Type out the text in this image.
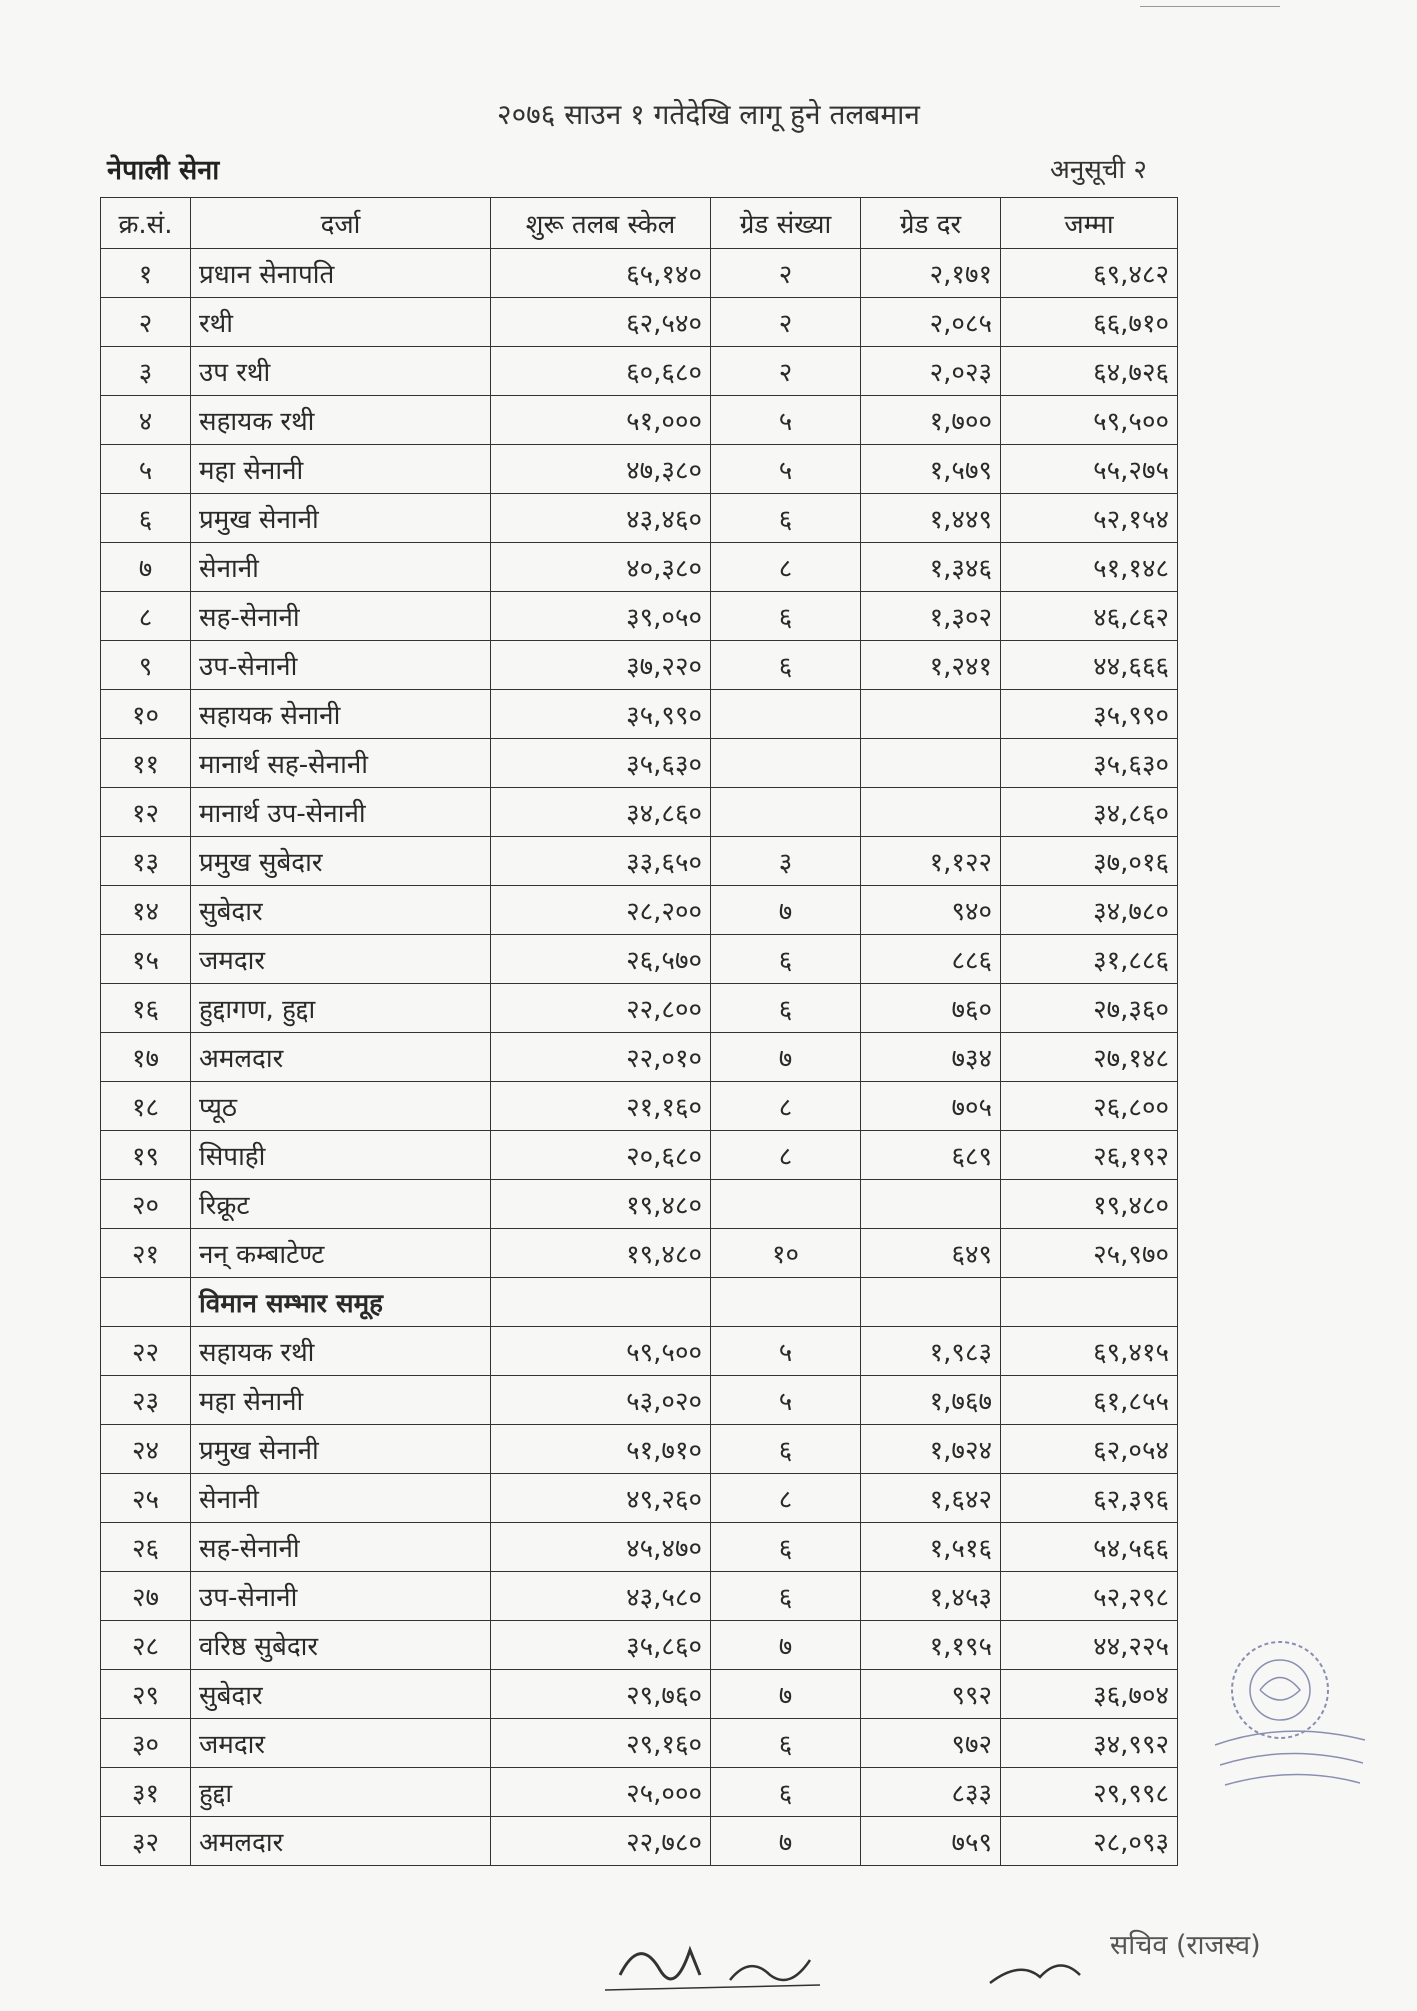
२०७६ साउन १ गतेदेखि लागू हुने तलबमान
नेपाली सेना	अनुसूची २
क्र.सं.	दर्जा	शुरू तलब स्केल	ग्रेड संख्या	ग्रेड दर	जम्मा
१	प्रधान सेनापति	६५,१४०	२	२,१७१	६९,४८२
२	रथी	६२,५४०	२	२,०८५	६६,७१०
३	उप रथी	६०,६८०	२	२,०२३	६४,७२६
४	सहायक रथी	५१,०००	५	१,७००	५९,५००
५	महा सेनानी	४७,३८०	५	१,५७९	५५,२७५
६	प्रमुख सेनानी	४३,४६०	६	१,४४९	५२,१५४
७	सेनानी	४०,३८०	८	१,३४६	५१,१४८
८	सह-सेनानी	३९,०५०	६	१,३०२	४६,८६२
९	उप-सेनानी	३७,२२०	६	१,२४१	४४,६६६
१०	सहायक सेनानी	३५,९९०			३५,९९०
११	मानार्थ सह-सेनानी	३५,६३०			३५,६३०
१२	मानार्थ उप-सेनानी	३४,८६०			३४,८६०
१३	प्रमुख सुबेदार	३३,६५०	३	१,१२२	३७,०१६
१४	सुबेदार	२८,२००	७	९४०	३४,७८०
१५	जमदार	२६,५७०	६	८८६	३१,८८६
१६	हुद्दागण, हुद्दा	२२,८००	६	७६०	२७,३६०
१७	अमलदार	२२,०१०	७	७३४	२७,१४८
१८	प्यूठ	२१,१६०	८	७०५	२६,८००
१९	सिपाही	२०,६८०	८	६८९	२६,१९२
२०	रिक्रूट	१९,४८०			१९,४८०
२१	नन् कम्बाटेण्ट	१९,४८०	१०	६४९	२५,९७०
	विमान सम्भार समूह				
२२	सहायक रथी	५९,५००	५	१,९८३	६९,४१५
२३	महा सेनानी	५३,०२०	५	१,७६७	६१,८५५
२४	प्रमुख सेनानी	५१,७१०	६	१,७२४	६२,०५४
२५	सेनानी	४९,२६०	८	१,६४२	६२,३९६
२६	सह-सेनानी	४५,४७०	६	१,५१६	५४,५६६
२७	उप-सेनानी	४३,५८०	६	१,४५३	५२,२९८
२८	वरिष्ठ सुबेदार	३५,८६०	७	१,१९५	४४,२२५
२९	सुबेदार	२९,७६०	७	९९२	३६,७०४
३०	जमदार	२९,१६०	६	९७२	३४,९९२
३१	हुद्दा	२५,०००	६	८३३	२९,९९८
३२	अमलदार	२२,७८०	७	७५९	२८,०९३
सचिव (राजस्व)
